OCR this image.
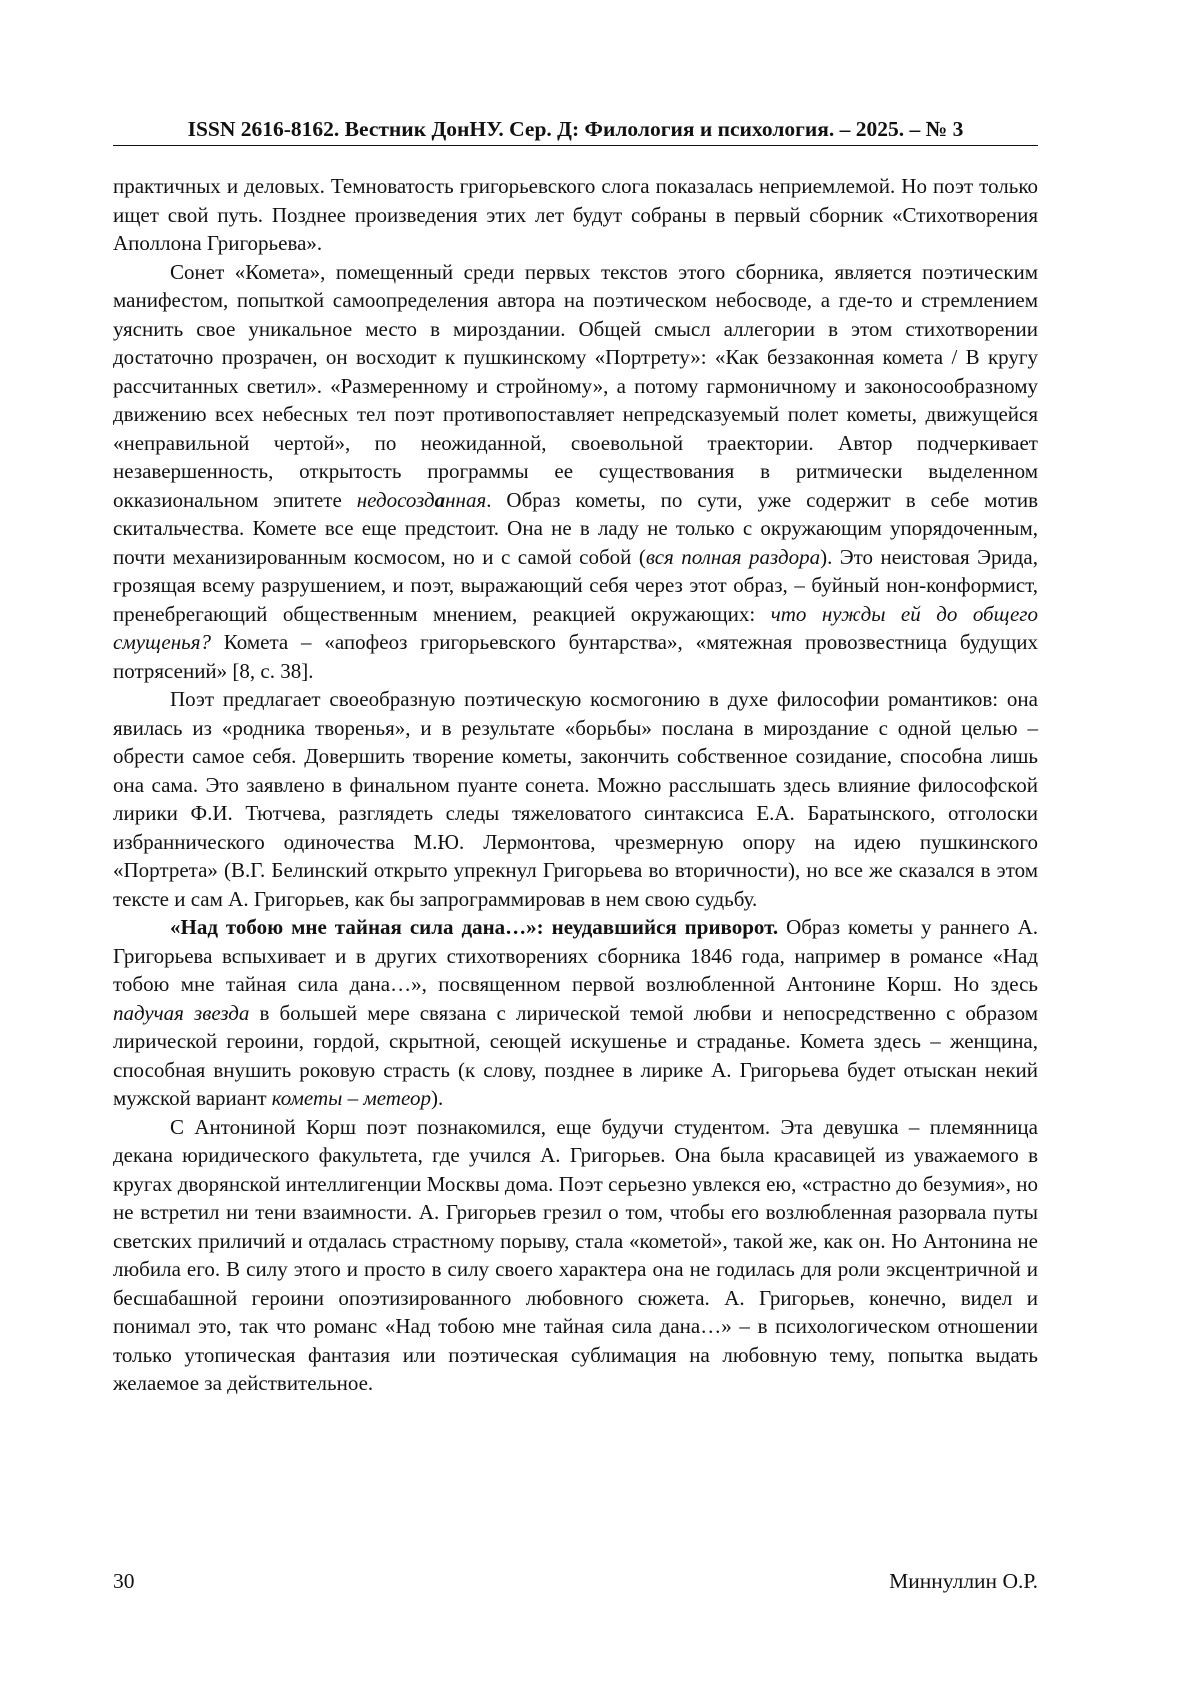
ISSN 2616-8162. Вестник ДонНУ. Сер. Д: Филология и психология. – 2025. – № 3

практичных и деловых. Темноватость григорьевского слога показалась неприемлемой. Но поэт только ищет свой путь. Позднее произведения этих лет будут собраны в первый сборник «Стихотворения Аполлона Григорьева».

Сонет «Комета», помещенный среди первых текстов этого сборника, является поэтическим манифестом, попыткой самоопределения автора на поэтическом небосводе, а где-то и стремлением уяснить свое уникальное место в мироздании. Общей смысл аллегории в этом стихотворении достаточно прозрачен, он восходит к пушкинскому «Портрету»: «Как беззаконная комета / В кругу рассчитанных светил». «Размеренному и стройному», а потому гармоничному и законосообразному движению всех небесных тел поэт противопоставляет непредсказуемый полет кометы, движущейся «неправильной чертой», по неожиданной, своевольной траектории. Автор подчеркивает незавершенность, открытость программы ее существования в ритмически выделенном окказиональном эпитете недосозданная. Образ кометы, по сути, уже содержит в себе мотив скитальчества. Комете все еще предстоит. Она не в ладу не только с окружающим упорядоченным, почти механизированным космосом, но и с самой собой (вся полная раздора). Это неистовая Эрида, грозящая всему разрушением, и поэт, выражающий себя через этот образ, – буйный нон-конформист, пренебрегающий общественным мнением, реакцией окружающих: что нужды ей до общего смущенья? Комета – «апофеоз григорьевского бунтарства», «мятежная провозвестница будущих потрясений» [8, с. 38].

Поэт предлагает своеобразную поэтическую космогонию в духе философии романтиков: она явилась из «родника творенья», и в результате «борьбы» послана в мироздание с одной целью – обрести самое себя. Довершить творение кометы, закончить собственное созидание, способна лишь она сама. Это заявлено в финальном пуанте сонета. Можно расслышать здесь влияние философской лирики Ф.И. Тютчева, разглядеть следы тяжеловатого синтаксиса Е.А. Баратынского, отголоски избраннического одиночества М.Ю. Лермонтова, чрезмерную опору на идею пушкинского «Портрета» (В.Г. Белинский открыто упрекнул Григорьева во вторичности), но все же сказался в этом тексте и сам А. Григорьев, как бы запрограммировав в нем свою судьбу.

«Над тобою мне тайная сила дана…»: неудавшийся приворот. Образ кометы у раннего А. Григорьева вспыхивает и в других стихотворениях сборника 1846 года, например в романсе «Над тобою мне тайная сила дана…», посвященном первой возлюбленной Антонине Корш. Но здесь падучая звезда в большей мере связана с лирической темой любви и непосредственно с образом лирической героини, гордой, скрытной, сеющей искушенье и страданье. Комета здесь – женщина, способная внушить роковую страсть (к слову, позднее в лирике А. Григорьева будет отыскан некий мужской вариант кометы – метеор).

С Антониной Корш поэт познакомился, еще будучи студентом. Эта девушка – племянница декана юридического факультета, где учился А. Григорьев. Она была красавицей из уважаемого в кругах дворянской интеллигенции Москвы дома. Поэт серьезно увлекся ею, «страстно до безумия», но не встретил ни тени взаимности. А. Григорьев грезил о том, чтобы его возлюбленная разорвала путы светских приличий и отдалась страстному порыву, стала «кометой», такой же, как он. Но Антонина не любила его. В силу этого и просто в силу своего характера она не годилась для роли эксцентричной и бесшабашной героини опоэтизированного любовного сюжета. А. Григорьев, конечно, видел и понимал это, так что романс «Над тобою мне тайная сила дана…» – в психологическом отношении только утопическая фантазия или поэтическая сублимация на любовную тему, попытка выдать желаемое за действительное.

30	Миннуллин О.Р.
